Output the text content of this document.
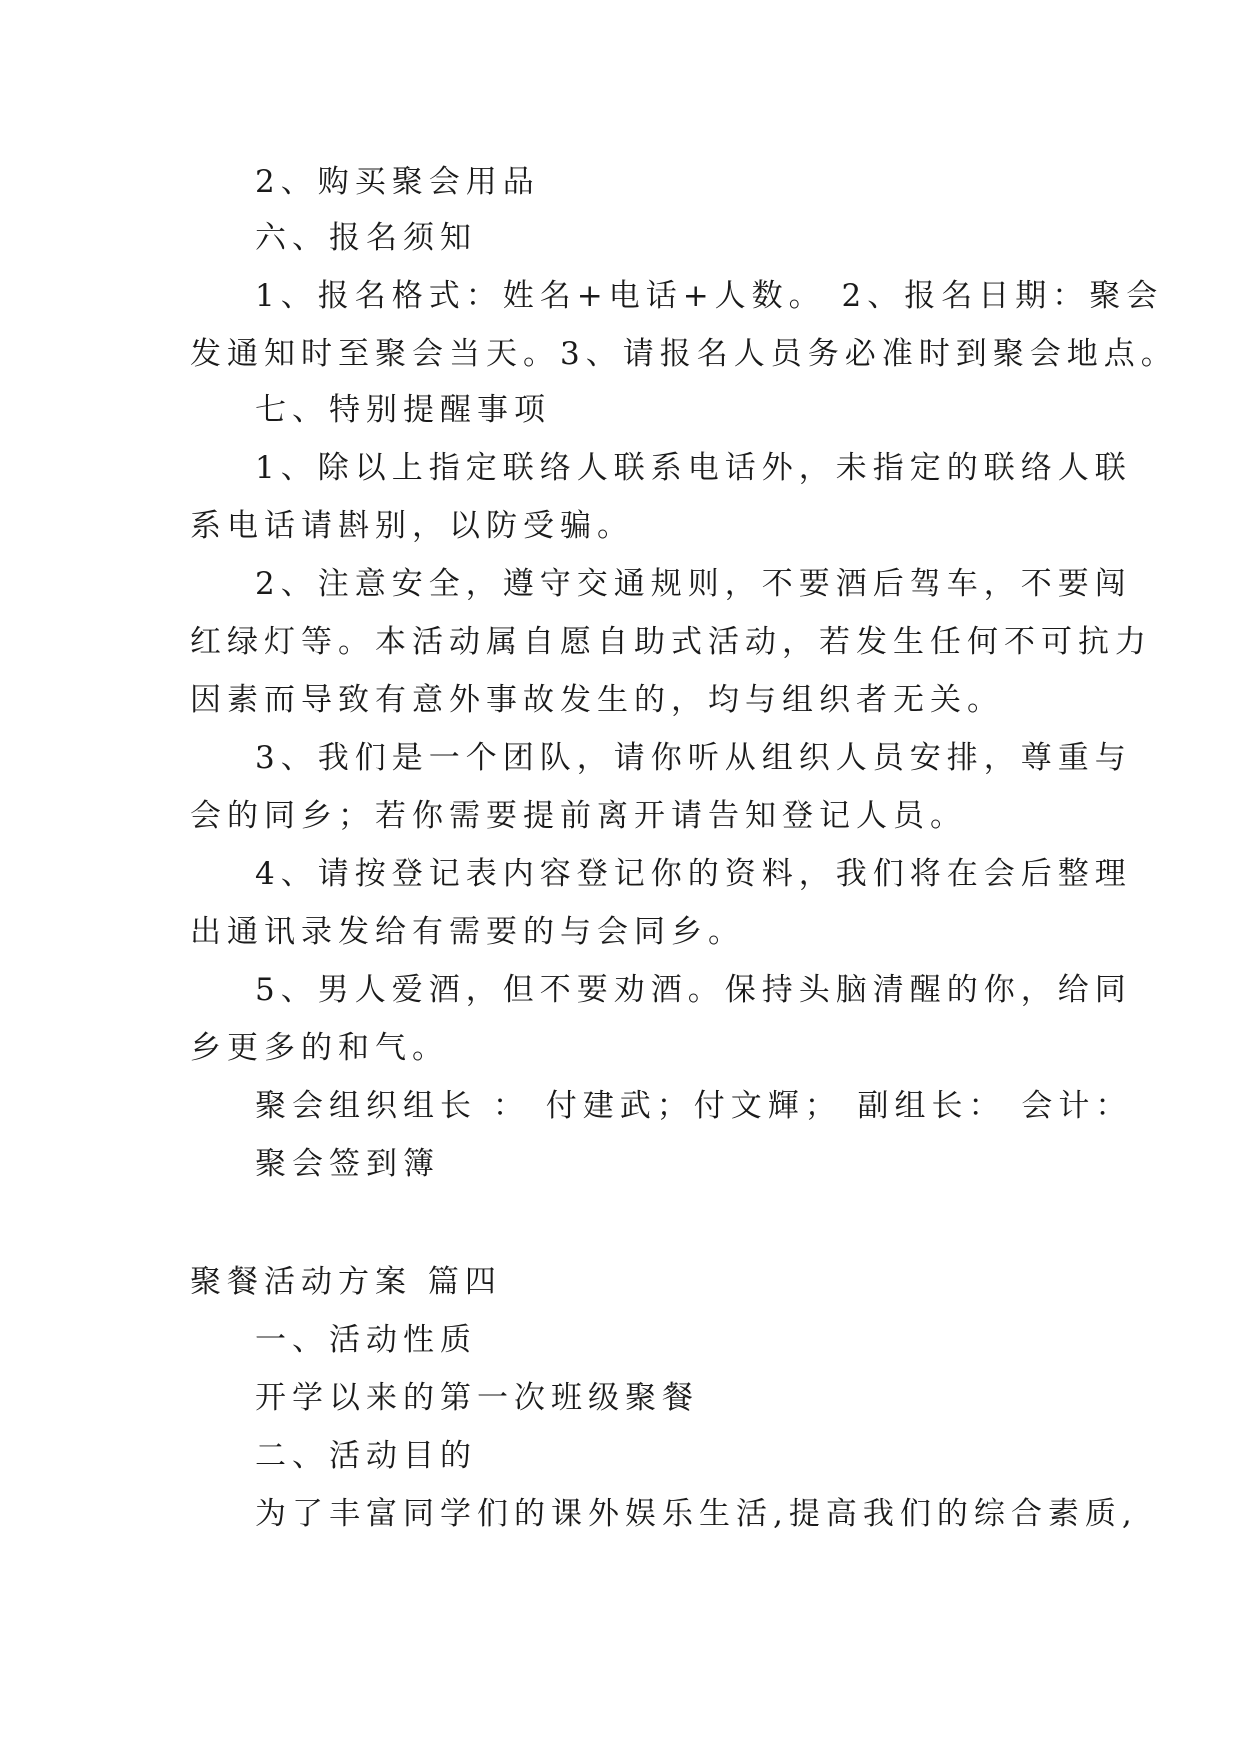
2、购买聚会用品
六、报名须知
1、报名格式：姓名+电话+人数。 2、报名日期：聚会
发通知时至聚会当天。3、请报名人员务必准时到聚会地点。
七、特别提醒事项
1、除以上指定联络人联系电话外，未指定的联络人联
系电话请斟别，以防受骗。
2、注意安全，遵守交通规则，不要酒后驾车，不要闯
红绿灯等。本活动属自愿自助式活动，若发生任何不可抗力
因素而导致有意外事故发生的，均与组织者无关。
3、我们是一个团队，请你听从组织人员安排，尊重与
会的同乡；若你需要提前离开请告知登记人员。
4、请按登记表内容登记你的资料，我们将在会后整理
出通讯录发给有需要的与会同乡。
5、男人爱酒，但不要劝酒。保持头脑清醒的你，给同
乡更多的和气。
聚会组织组长 ： 付建武；付文輝； 副组长： 会计：
聚会签到簿
聚餐活动方案 篇四
一、活动性质
开学以来的第一次班级聚餐
二、活动目的
为了丰富同学们的课外娱乐生活,提高我们的综合素质,
